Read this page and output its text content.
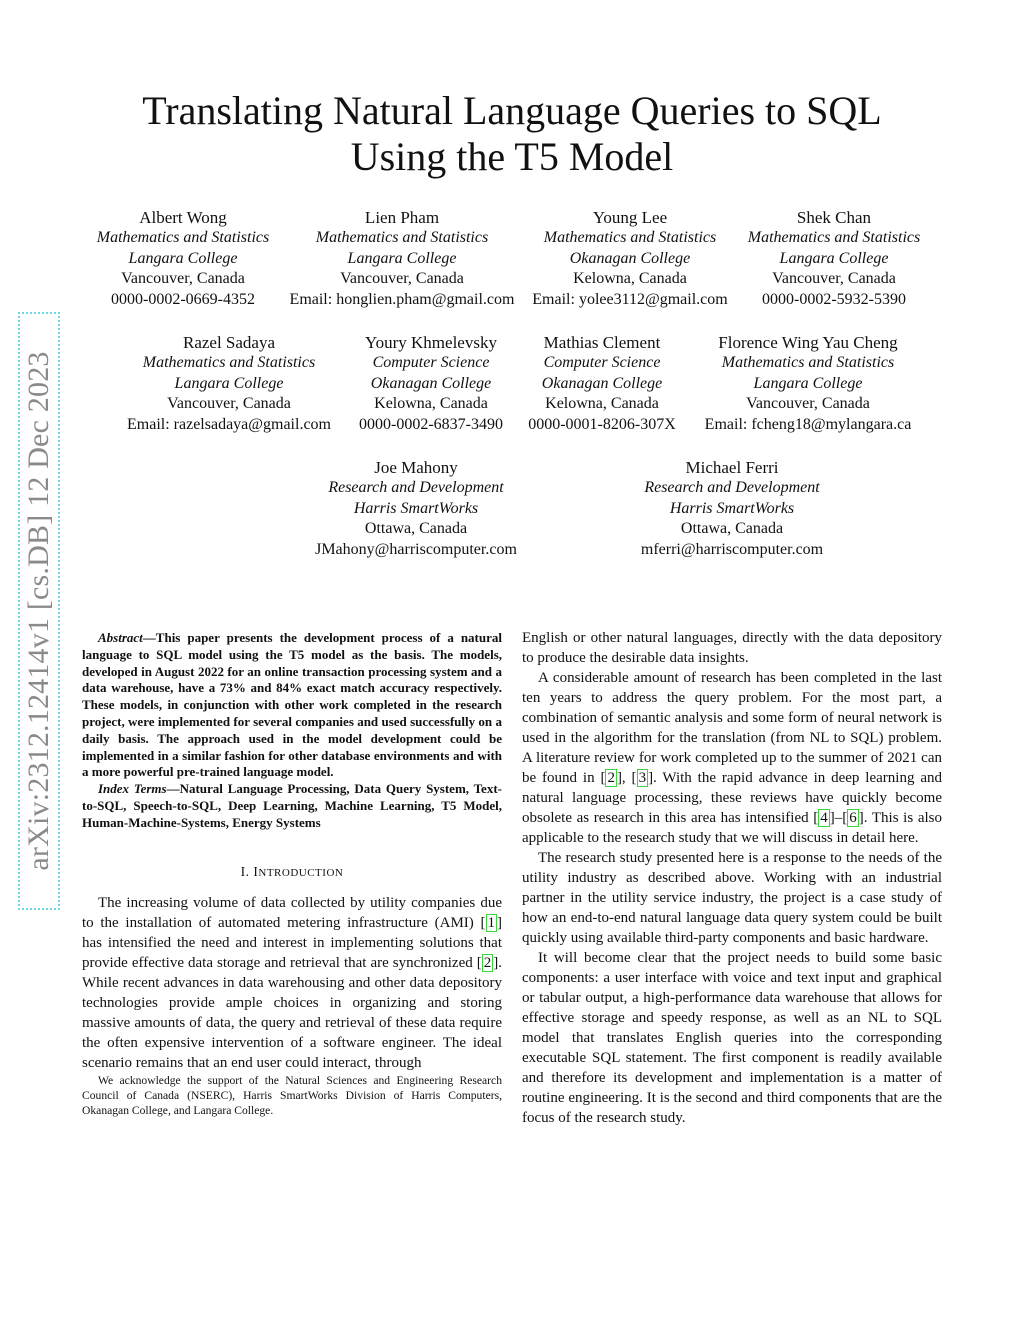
arXiv:2312.12414v1 [cs.DB] 12 Dec 2023
Translating Natural Language Queries to SQL
Using the T5 Model
Albert Wong
Mathematics and Statistics
Langara College
Vancouver, Canada
0000-0002-0669-4352
Lien Pham
Mathematics and Statistics
Langara College
Vancouver, Canada
Email: honglien.pham@gmail.com
Young Lee
Mathematics and Statistics
Okanagan College
Kelowna, Canada
Email: yolee3112@gmail.com
Shek Chan
Mathematics and Statistics
Langara College
Vancouver, Canada
0000-0002-5932-5390
Razel Sadaya
Mathematics and Statistics
Langara College
Vancouver, Canada
Email: razelsadaya@gmail.com
Youry Khmelevsky
Computer Science
Okanagan College
Kelowna, Canada
0000-0002-6837-3490
Mathias Clement
Computer Science
Okanagan College
Kelowna, Canada
0000-0001-8206-307X
Florence Wing Yau Cheng
Mathematics and Statistics
Langara College
Vancouver, Canada
Email: fcheng18@mylangara.ca
Joe Mahony
Research and Development
Harris SmartWorks
Ottawa, Canada
JMahony@harriscomputer.com
Michael Ferri
Research and Development
Harris SmartWorks
Ottawa, Canada
mferri@harriscomputer.com

Abstract—This paper presents the development process of a natural language to SQL model using the T5 model as the basis. The models, developed in August 2022 for an online transaction processing system and a data warehouse, have a 73% and 84% exact match accuracy respectively. These models, in conjunction with other work completed in the research project, were implemented for several companies and used successfully on a daily basis. The approach used in the model development could be implemented in a similar fashion for other database environments and with a more powerful pre-trained language model.

Index Terms—Natural Language Processing, Data Query System, Text-to-SQL, Speech-to-SQL, Deep Learning, Machine Learning, T5 Model, Human-Machine-Systems, Energy Systems

I. INTRODUCTION

The increasing volume of data collected by utility companies due to the installation of automated metering infrastructure (AMI) [ 1 ] has intensified the need and interest in implementing solutions that provide effective data storage and retrieval that are synchronized [ 2 ]. While recent advances in data warehousing and other data depository technologies provide ample choices in organizing and storing massive amounts of data, the query and retrieval of these data require the often expensive intervention of a software engineer. The ideal scenario remains that an end user could interact, through

We acknowledge the support of the Natural Sciences and Engineering Research Council of Canada (NSERC), Harris SmartWorks Division of Harris Computers, Okanagan College, and Langara College.

English or other natural languages, directly with the data depository to produce the desirable data insights.

A considerable amount of research has been completed in the last ten years to address the query problem. For the most part, a combination of semantic analysis and some form of neural network is used in the algorithm for the translation (from NL to SQL) problem. A literature review for work completed up to the summer of 2021 can be found in [ 2 ], [ 3 ]. With the rapid advance in deep learning and natural language processing, these reviews have quickly become obsolete as research in this area has intensified [ 4 ]–[ 6 ]. This is also applicable to the research study that we will discuss in detail here.

The research study presented here is a response to the needs of the utility industry as described above. Working with an industrial partner in the utility service industry, the project is a case study of how an end-to-end natural language data query system could be built quickly using available third-party components and basic hardware.

It will become clear that the project needs to build some basic components: a user interface with voice and text input and graphical or tabular output, a high-performance data warehouse that allows for effective storage and speedy response, as well as an NL to SQL model that translates English queries into the corresponding executable SQL statement. The first component is readily available and therefore its development and implementation is a matter of routine engineering. It is the second and third components that are the focus of the research study.
